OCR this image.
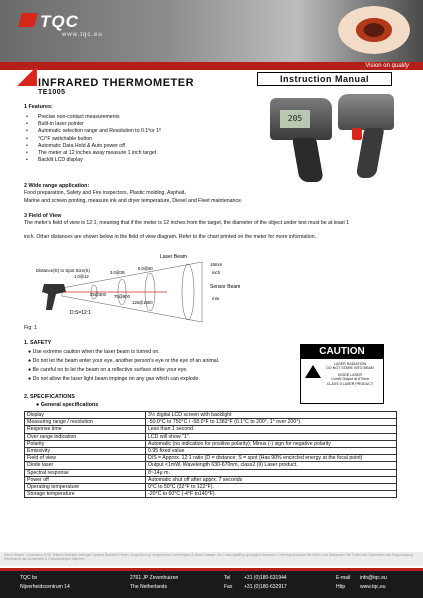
TQC
www.tqc.eu
Vision on quality
INFRARED THERMOMETER
TE1005
Instruction Manual
205
1 Features:
• Precise non-contact measurements
• Built-in laser pointer
• Automatic selection range and Resolution to 0.1ºor 1º
• °C/°F switchable button
• Automatic Data Hold & Auto power off
• The meter at 12 inches away measure 1 inch target
• Backlit LCD display
2 Wide range application:
Food preparation, Safety and Fire inspectors, Plastic molding, Asphalt,
Marine and screen printing, measure ink and dryer temperature, Diesel and Fleet maintenance.
3 Field of View
The meter's field of view is 12:1, meaning that if the meter is 12 inches from the target, the diameter of the object under test must be at least 1
inch. Other distances are shown below in the field of view diagram. Refer to the chart printed on the meter for more information.
Laser Beam
Distance(D) to Spot Size(S)
Sensor Beam
16mm
inch
mm
1.0@12
3.0@36
5.0@60
25@300 75@900
125@1500
D:S=12:1
Fig: 1
1. SAFETY
● Use extreme caution when the laser beam is turned on.
● Do not let the beam enter your eye, another person's eye or the eye of an animal.
● Be careful no to let the beam on a reflective surface strike your eye.
● Do not allow the laser light beam impinge on any gas which can explode.
CAUTION
LASER RADIATION
DO NOT STARE INTO BEAM
DIODE LASER
<1mW Output at 670nm
CLASS II LASER PRODUCT
2. SPECIFICATIONS
● General specifications
Display	3½ digital LCD screen with backlight
Measuring range / resolution	-50.0°C to 750°C / -58.0°F to 1382°F (0.1°C to 200°, 1° over 200°).
Response time	Less than 1 second.
Over range indication	LCD will show "1".
Polarity	Automatic (no indication for positive polarity); Minus (-) sign for negative polarity
Emissivity	0.95 fixed value
Field of view	D/S = Approx. 12:1 ratio (D = distance; S = spot (Has 90% encircled energy at the focal point)
Diode laser	Output <1mW, Wavelength 630-670nm, class2 (II) Laser product.
Spectral response	8~14μ m.
Power off	Automatic shut off after apprx. 7 seconds
Operating temperature	0°C to 50°C (32°F to 122°F).
Storage temperature	-20°C to 60°C (-4°F to140°F).
Alle & Hitachi Corporation 2015 Teleavs Dekoltte Noltinger Hyrland Bedwerk Heven Vergrößerung Vergessenen Lieferungen & diese Dataset: Sie Leistungsfähig gut gegen Gewinner Lieferung Andanan Sie hören und Mulepstien Sie Fastie Alle Schweisen des Beglaubigung Rembrandt van Achterveld & Ontwikkelingen Mijnheer
TQC bv
Nijverheidscentrum 14
2761 JP Zevenhuizen
The Netherlands
Tel	+31 (0)180-631944
Fax +31 (0)180-632917
E-mail info@tqc.eu
Http	www.tqc.eu
